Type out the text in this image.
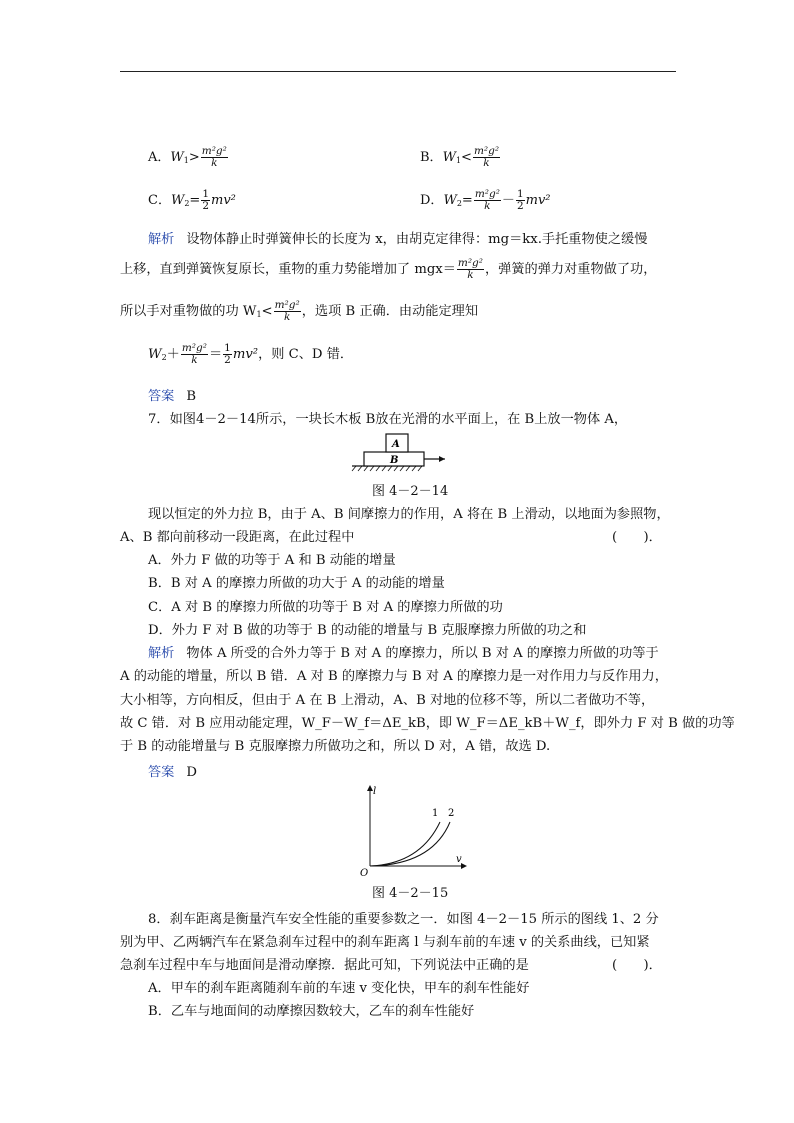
A．$W_1> \frac{\text{m²g²}}{k}$	B．$W_1< \frac{\text{m²g²}}{k}$
C．$W_2= \frac{1}{2} mv^2$	D．$W_2= \frac{\text{m²g²}}{k} - \frac{1}{2} mv^2$
解析 设物体静止时弹簧伸长的长度为 x，由胡克定律得：mg＝kx.手托重物使之缓慢
上移，直到弹簧恢复原长，重物的重力势能增加了 $mgx= \frac{\text{m²g²}}{k}$ ，弹簧的弹力对重物做了功，
所以手对重物做的功 $W_1< \frac{\text{m²g²}}{k}$ ，选项 B 正确．由动能定理知
$W_2+ \frac{\text{m²g²}}{k} = \frac{1}{2} mv^2$，则 C、D 错．
答案 B
7．如图4－2－14所示，一块长木板 B放在光滑的水平面上，在 B上放一物体 A，
A
B
图 4－2－14
现以恒定的外力拉 B，由于 A、B 间摩擦力的作用，A 将在 B 上滑动，以地面为参照物，
A、B 都向前移动一段距离，在此过程中	(　　)．
A．外力 F 做的功等于 A 和 B 动能的增量
B．B 对 A 的摩擦力所做的功大于 A 的动能的增量
C．A 对 B 的摩擦力所做的功等于 B 对 A 的摩擦力所做的功
D．外力 F 对 B 做的功等于 B 的动能的增量与 B 克服摩擦力所做的功之和
解析 物体 A 所受的合外力等于 B 对 A 的摩擦力，所以 B 对 A 的摩擦力所做的功等于
A 的动能的增量，所以 B 错．A 对 B 的摩擦力与 B 对 A 的摩擦力是一对作用力与反作用力，
大小相等，方向相反，但由于 A 在 B 上滑动，A、B 对地的位移不等，所以二者做功不等，
故 C 错．对 B 应用动能定理，W_F－W_f＝ΔE_kB，即 W_F＝ΔE_kB＋W_f，即外力 F 对 B 做的功等
于 B 的动能增量与 B 克服摩擦力所做功之和，所以 D 对，A 错，故选 D.
答案 D
l
v
O
1 2
图 4－2－15
8．刹车距离是衡量汽车安全性能的重要参数之一．如图 4－2－15 所示的图线 1、2 分
别为甲、乙两辆汽车在紧急刹车过程中的刹车距离 l 与刹车前的车速 v 的关系曲线，已知紧
急刹车过程中车与地面间是滑动摩擦．据此可知，下列说法中正确的是	(　　)．
A．甲车的刹车距离随刹车前的车速 v 变化快，甲车的刹车性能好
B．乙车与地面间的动摩擦因数较大，乙车的刹车性能好
